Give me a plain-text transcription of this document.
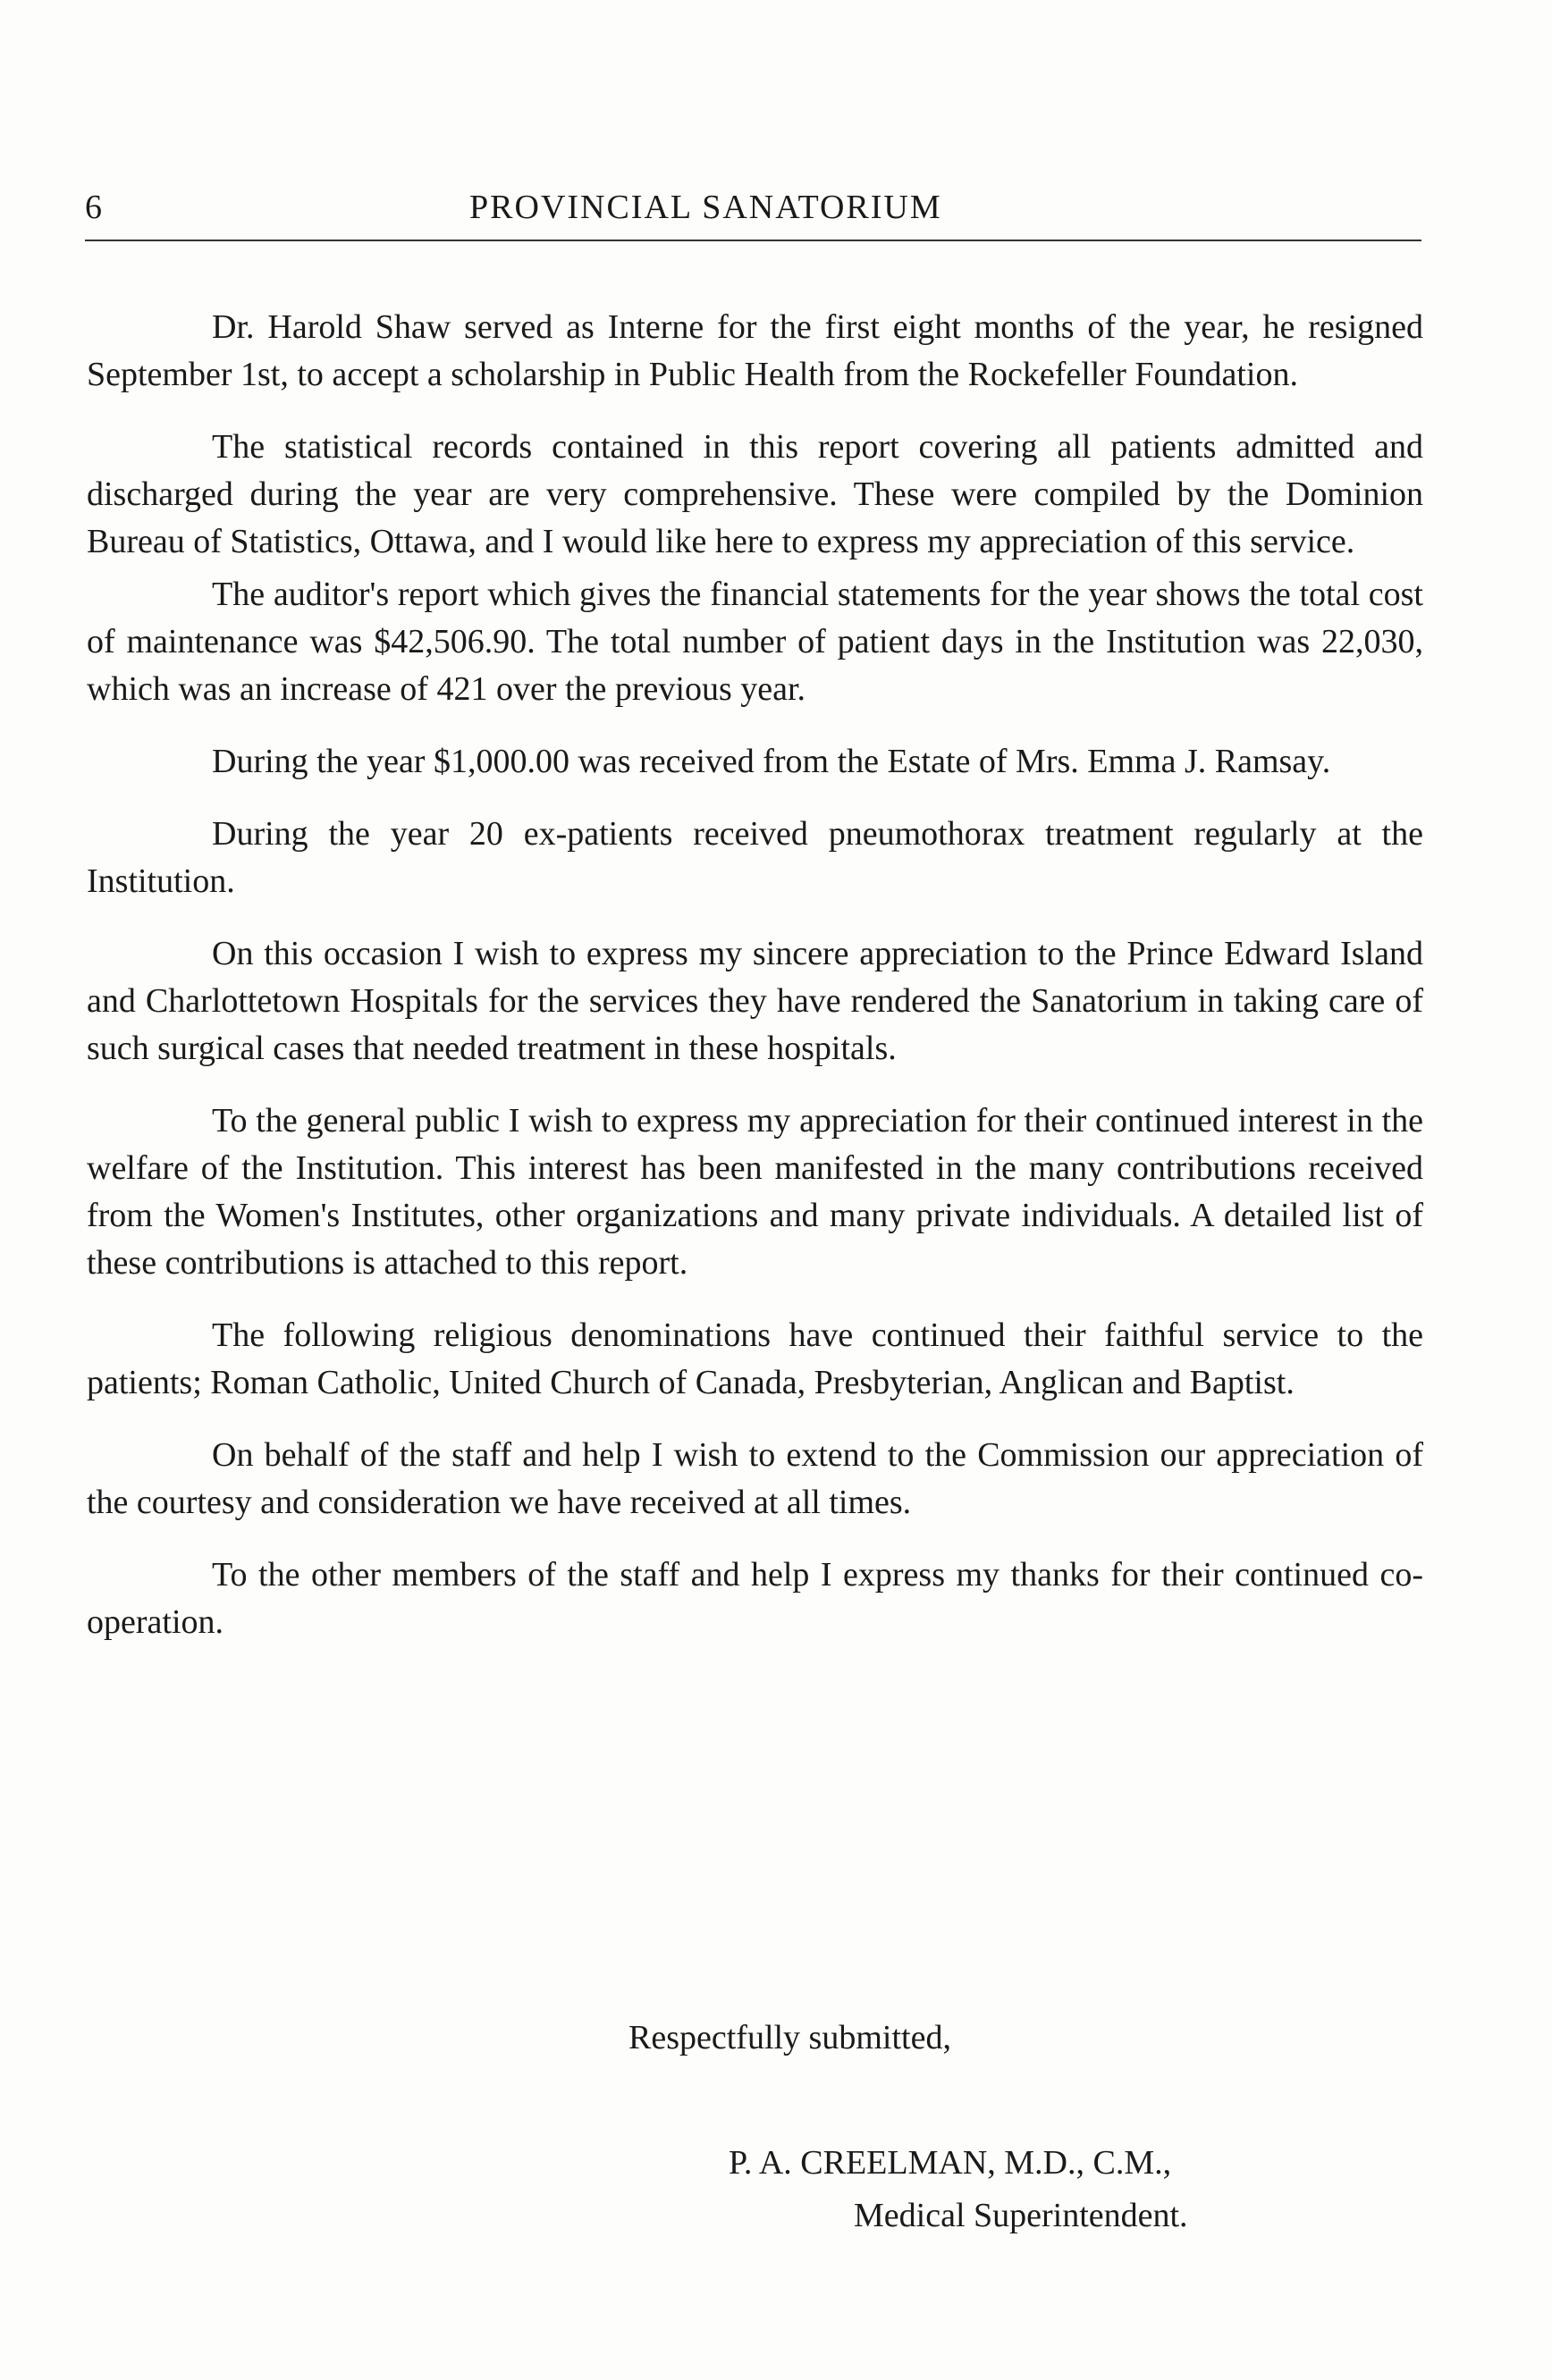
6	PROVINCIAL SANATORIUM

Dr. Harold Shaw served as Interne for the first eight months of the year, he resigned September 1st, to accept a scholarship in Public Health from the Rockefeller Foundation.

The statistical records contained in this report covering all patients admitted and discharged during the year are very comprehensive. These were compiled by the Dominion Bureau of Statistics, Ottawa, and I would like here to express my appreciation of this service.

The auditor's report which gives the financial statements for the year shows the total cost of maintenance was $42,506.90. The total number of patient days in the Institution was 22,030, which was an increase of 421 over the previous year.

During the year $1,000.00 was received from the Estate of Mrs. Emma J. Ramsay.

During the year 20 ex-patients received pneumothorax treatment regularly at the Institution.

On this occasion I wish to express my sincere appreciation to the Prince Edward Island and Charlottetown Hospitals for the services they have rendered the Sanatorium in taking care of such surgical cases that needed treatment in these hospitals.

To the general public I wish to express my appreciation for their continued interest in the welfare of the Institution. This interest has been manifested in the many contributions received from the Women's Institutes, other organizations and many private individuals. A detailed list of these contributions is attached to this report.

The following religious denominations have continued their faithful service to the patients; Roman Catholic, United Church of Canada, Presbyterian, Anglican and Baptist.

On behalf of the staff and help I wish to extend to the Commission our appreciation of the courtesy and consideration we have received at all times.

To the other members of the staff and help I express my thanks for their continued co-operation.

Respectfully submitted,
P. A. CREELMAN, M.D., C.M.,
Medical Superintendent.
